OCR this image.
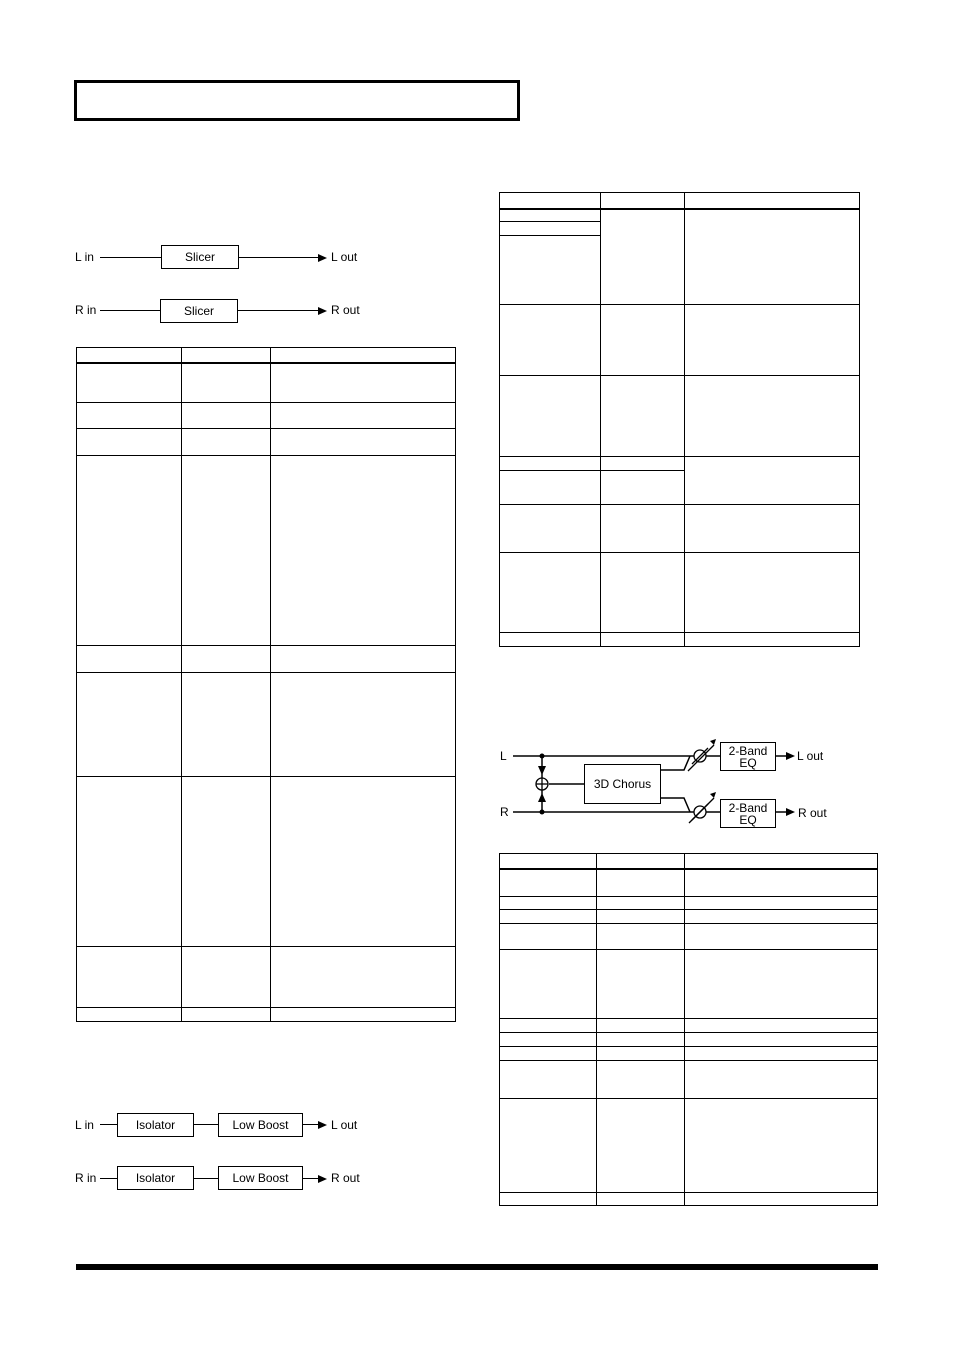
L in	Slicer	L out
R in	Slicer	R out

L in	Isolator	Low Boost	L out
R in	Isolator	Low Boost	R out

L
R
3D Chorus
2-Band
EQ
2-Band
EQ
L out
R out
